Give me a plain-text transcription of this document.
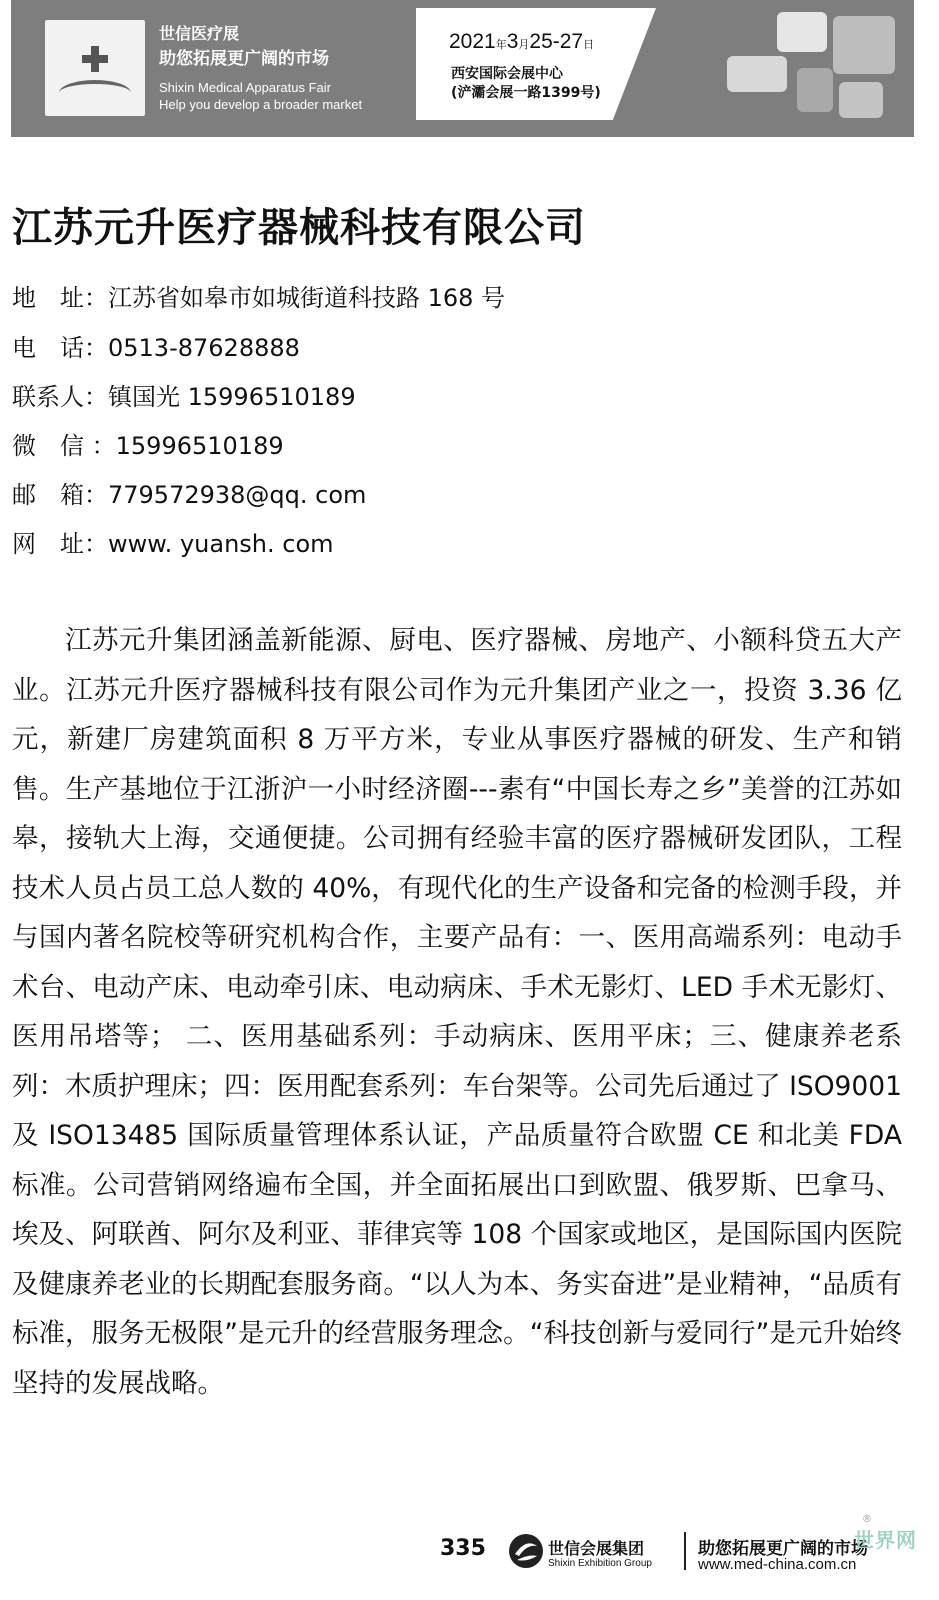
世信医疗展
助您拓展更广阔的市场
Shixin Medical Apparatus Fair
Help you develop a broader market
2021年3月25-27日
西安国际会展中心
(浐灞会展一路1399号)
江苏元升医疗器械科技有限公司
地　址：江苏省如皋市如城街道科技路 168 号
电　话：0513-87628888
联系人：镇国光 15996510189
微　信 ：15996510189
邮　箱：779572938@qq. com
网　址：www. yuansh. com
江苏元升集团涵盖新能源、厨电、医疗器械、房地产、小额科贷五大产业。江苏元升医疗器械科技有限公司作为元升集团产业之一，投资 3.36 亿元，新建厂房建筑面积 8 万平方米，专业从事医疗器械的研发、生产和销售。生产基地位于江浙沪一小时经济圈---素有“中国长寿之乡”美誉的江苏如皋，接轨大上海，交通便捷。公司拥有经验丰富的医疗器械研发团队，工程技术人员占员工总人数的 40%，有现代化的生产设备和完备的检测手段，并与国内著名院校等研究机构合作，主要产品有：一、医用高端系列：电动手术台、电动产床、电动牵引床、电动病床、手术无影灯、LED 手术无影灯、医用吊塔等； 二、医用基础系列：手动病床、医用平床；三、健康养老系列：木质护理床；四：医用配套系列：车台架等。公司先后通过了 ISO9001 及 ISO13485 国际质量管理体系认证，产品质量符合欧盟 CE 和北美 FDA 标准。公司营销网络遍布全国，并全面拓展出口到欧盟、俄罗斯、巴拿马、埃及、阿联酋、阿尔及利亚、菲律宾等 108 个国家或地区，是国际国内医院及健康养老业的长期配套服务商。“以人为本、务实奋进”是业精神，“品质有标准，服务无极限”是元升的经营服务理念。“科技创新与爱同行”是元升始终坚持的发展战略。
335	世信会展集团
Shixin Exhibition Group
助您拓展更广阔的市场
www.med-china.com.cn
®
世界网
